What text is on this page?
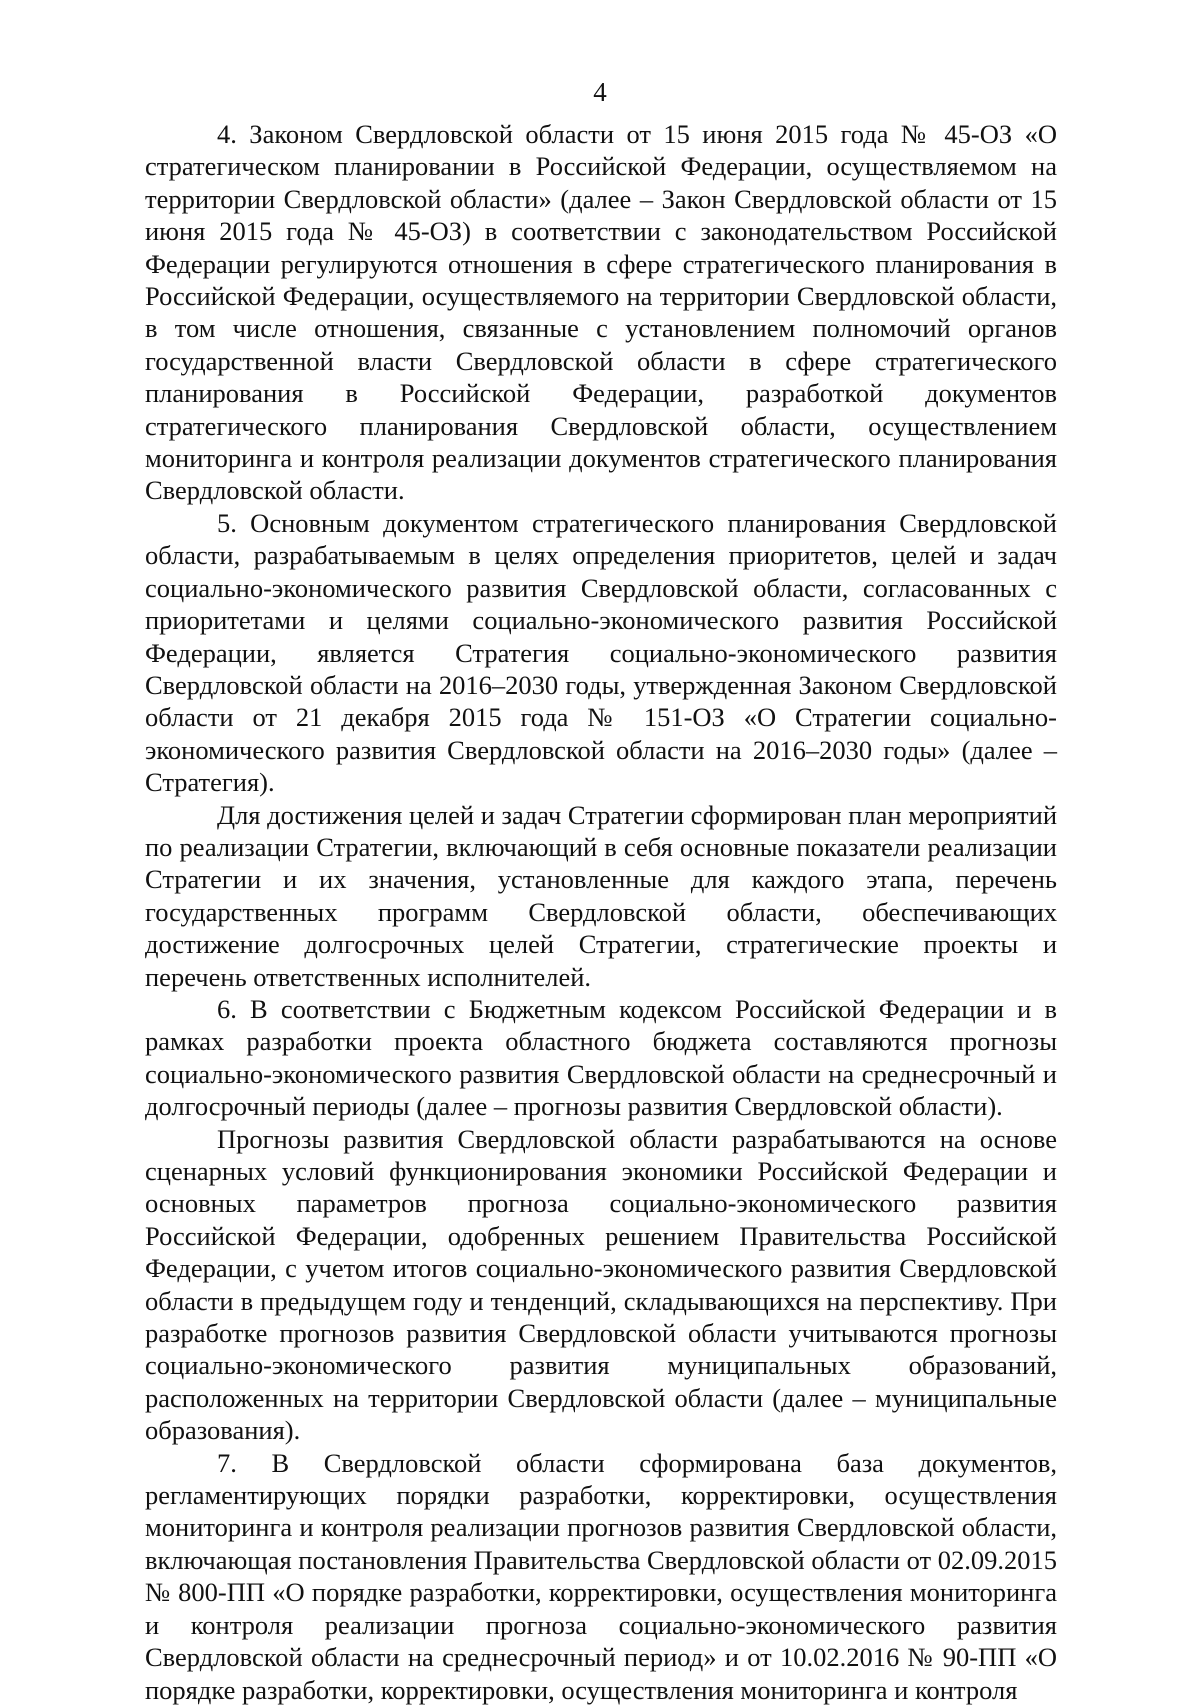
4

4. Законом Свердловской области от 15 июня 2015 года № 45-ОЗ «О стратегическом планировании в Российской Федерации, осуществляемом на территории Свердловской области» (далее – Закон Свердловской области от 15 июня 2015 года № 45-ОЗ) в соответствии с законодательством Российской Федерации регулируются отношения в сфере стратегического планирования в Российской Федерации, осуществляемого на территории Свердловской области, в том числе отношения, связанные с установлением полномочий органов государственной власти Свердловской области в сфере стратегического планирования в Российской Федерации, разработкой документов стратегического планирования Свердловской области, осуществлением мониторинга и контроля реализации документов стратегического планирования Свердловской области.

5. Основным документом стратегического планирования Свердловской области, разрабатываемым в целях определения приоритетов, целей и задач социально-экономического развития Свердловской области, согласованных с приоритетами и целями социально-экономического развития Российской Федерации, является Стратегия социально-экономического развития Свердловской области на 2016–2030 годы, утвержденная Законом Свердловской области от 21 декабря 2015 года № 151-ОЗ «О Стратегии социально-экономического развития Свердловской области на 2016–2030 годы» (далее – Стратегия).

Для достижения целей и задач Стратегии сформирован план мероприятий по реализации Стратегии, включающий в себя основные показатели реализации Стратегии и их значения, установленные для каждого этапа, перечень государственных программ Свердловской области, обеспечивающих достижение долгосрочных целей Стратегии, стратегические проекты и перечень ответственных исполнителей.

6. В соответствии с Бюджетным кодексом Российской Федерации и в рамках разработки проекта областного бюджета составляются прогнозы социально-экономического развития Свердловской области на среднесрочный и долгосрочный периоды (далее – прогнозы развития Свердловской области).

Прогнозы развития Свердловской области разрабатываются на основе сценарных условий функционирования экономики Российской Федерации и основных параметров прогноза социально-экономического развития Российской Федерации, одобренных решением Правительства Российской Федерации, с учетом итогов социально-экономического развития Свердловской области в предыдущем году и тенденций, складывающихся на перспективу. При разработке прогнозов развития Свердловской области учитываются прогнозы социально-экономического развития муниципальных образований, расположенных на территории Свердловской области (далее – муниципальные образования).

7. В Свердловской области сформирована база документов, регламентирующих порядки разработки, корректировки, осуществления мониторинга и контроля реализации прогнозов развития Свердловской области, включающая постановления Правительства Свердловской области от 02.09.2015 № 800-ПП «О порядке разработки, корректировки, осуществления мониторинга и контроля реализации прогноза социально-экономического развития Свердловской области на среднесрочный период» и от 10.02.2016 № 90-ПП «О порядке разработки, корректировки, осуществления мониторинга и контроля
